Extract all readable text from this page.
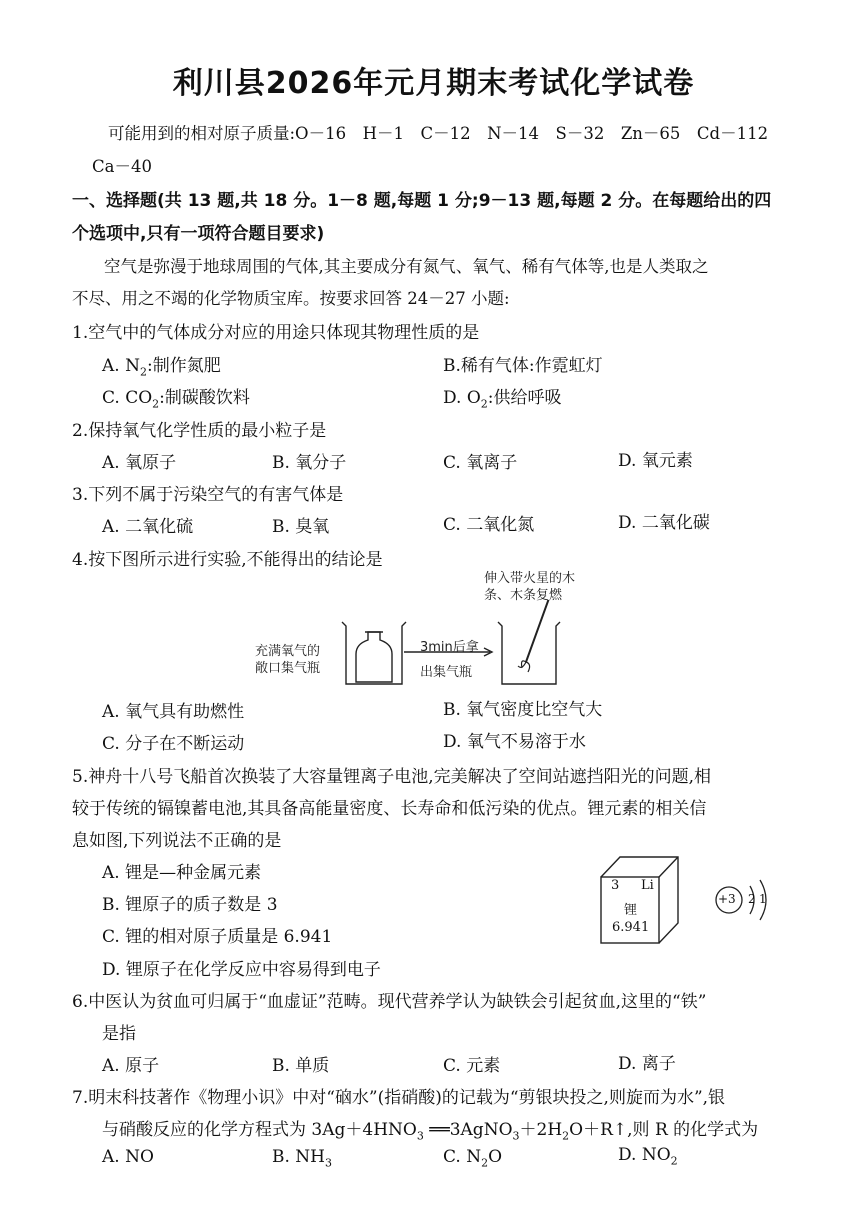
利川县2026年元月期末考试化学试卷
可能用到的相对原子质量:O－16　H－1　C－12　N－14　S－32　Zn－65　Cd－112
Ca－40
一、选择题(共 13 题,共 18 分。1－8 题,每题 1 分;9－13 题,每题 2 分。在每题给出的四
个选项中,只有一项符合题目要求)
空气是弥漫于地球周围的气体,其主要成分有氮气、氧气、稀有气体等,也是人类取之
不尽、用之不竭的化学物质宝库。按要求回答 24－27 小题:
1.空气中的气体成分对应的用途只体现其物理性质的是
A. $N_2$:制作氮肥	B.稀有气体:作霓虹灯
C. $CO_2$:制碳酸饮料	D. $O_2$:供给呼吸
2.保持氧气化学性质的最小粒子是
A. 氧原子	B. 氧分子	C. 氧离子	D. 氧元素
3.下列不属于污染空气的有害气体是
A. 二氧化硫	B. 臭氧	C. 二氧化氮	D. 二氧化碳
4.按下图所示进行实验,不能得出的结论是
充满氧气的
敞口集气瓶
3min后拿
出集气瓶
伸入带火星的木
条、木条复燃
A. 氧气具有助燃性	B. 氧气密度比空气大
C. 分子在不断运动	D. 氧气不易溶于水
5.神舟十八号飞船首次换装了大容量锂离子电池,完美解决了空间站遮挡阳光的问题,相
较于传统的镉镍蓄电池,其具备高能量密度、长寿命和低污染的优点。锂元素的相关信
息如图,下列说法不正确的是
A. 锂是—种金属元素
B. 锂原子的质子数是 3
C. 锂的相对原子质量是 6.941
D. 锂原子在化学反应中容易得到电子
3 Li
锂
6.941
+3 2 1
6.中医认为贫血可归属于“血虚证”范畴。现代营养学认为缺铁会引起贫血,这里的“铁”
是指
A. 原子	B. 单质	C. 元素	D. 离子
7.明末科技著作《物理小识》中对“硇水”(指硝酸)的记载为“剪银块投之,则旋而为水”,银
与硝酸反应的化学方程式为 $3Ag+4HNO_3$ $══3AgNO_3+2H_2O+R↑$,则 R 的化学式为
A. NO	B. $NH_3$	C. $N_2O$	D. $NO_2$
